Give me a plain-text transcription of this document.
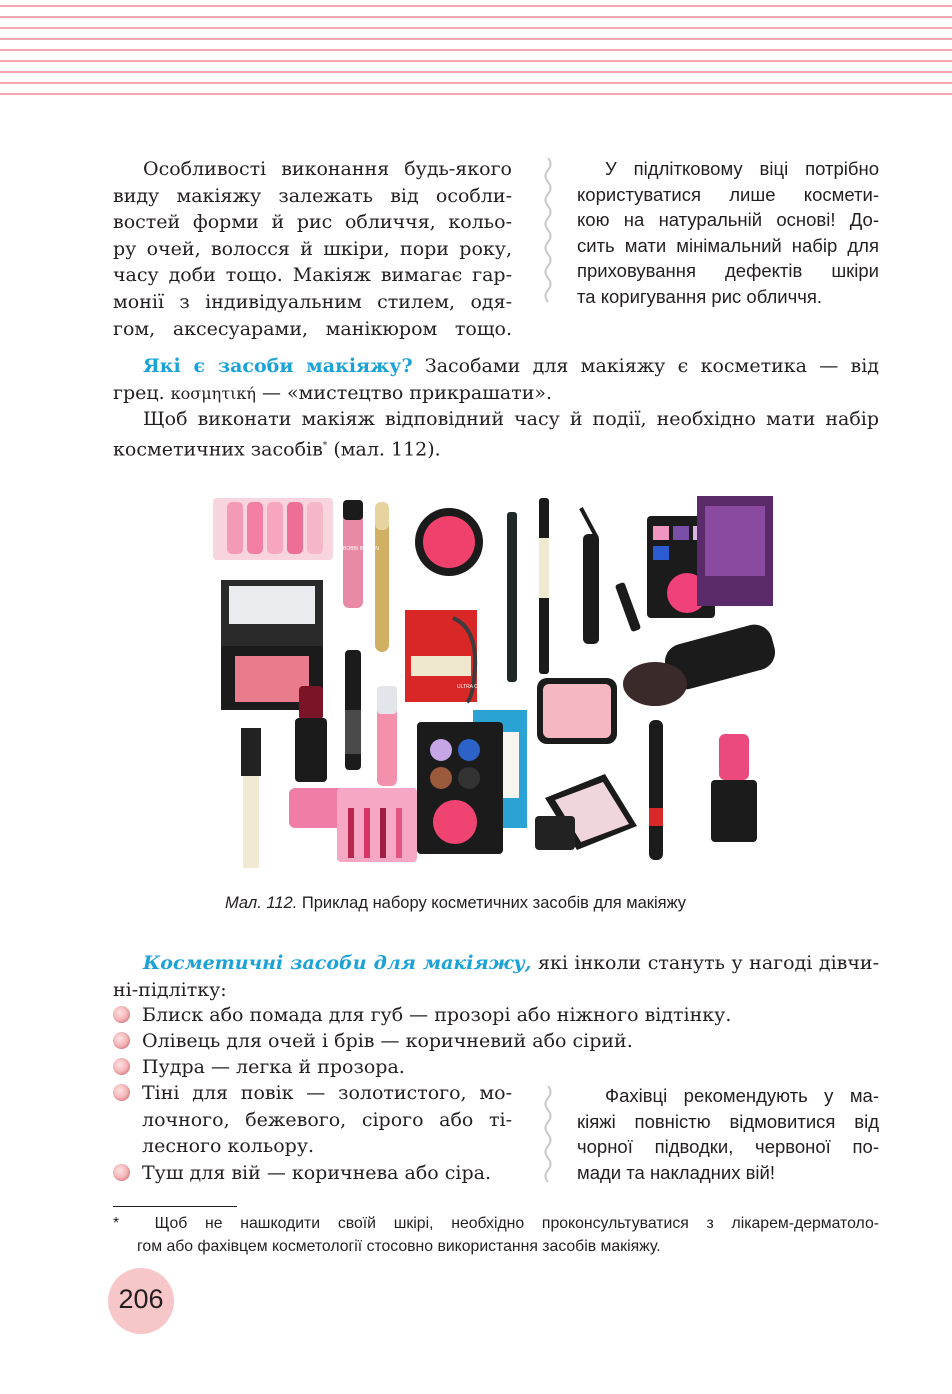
Особливості виконання будь-якого
виду макіяжу залежать від особли-
востей форми й рис обличчя, кольо-
ру очей, волосся й шкіри, пори року,
часу доби тощо. Макіяж вимагає гар-
монії з індивідуальним стилем, одя-
гом, аксесуарами, манікюром тощо.
У підлітковому віці потрібно
користуватися лише космети-
кою на натуральній основі! До-
сить мати мінімальний набір для
приховування дефектів шкіри
та коригування рис обличчя.
Які є засоби макіяжу? Засобами для макіяжу є косметика — від
грец. κοσμητική — «мистецтво прикрашати».
Щоб виконати макіяж відповідний часу й події, необхідно мати набір
косметичних засобів* (мал. 112).
BOBBI BROWN
ULTRA COLOR
Мал. 112. Приклад набору косметичних засобів для макіяжу
Косметичні засоби для макіяжу, які інколи стануть у нагоді дівчи-
ні-підлітку:
Блиск або помада для губ — прозорі або ніжного відтінку.
Олівець для очей і брів — коричневий або сірий.
Пудра — легка й прозора.
Тіні для повік — золотистого, мо-
лочного, бежевого, сірого або ті-
лесного кольору.
Туш для вій — коричнева або сіра.
Фахівці рекомендують у ма-
кіяжі повністю відмовитися від
чорної підводки, червоної по-
мади та накладних вій!
* Щоб не нашкодити своїй шкірі, необхідно проконсультуватися з лікарем-дерматоло-
гом або фахівцем косметології стосовно використання засобів макіяжу.
206
